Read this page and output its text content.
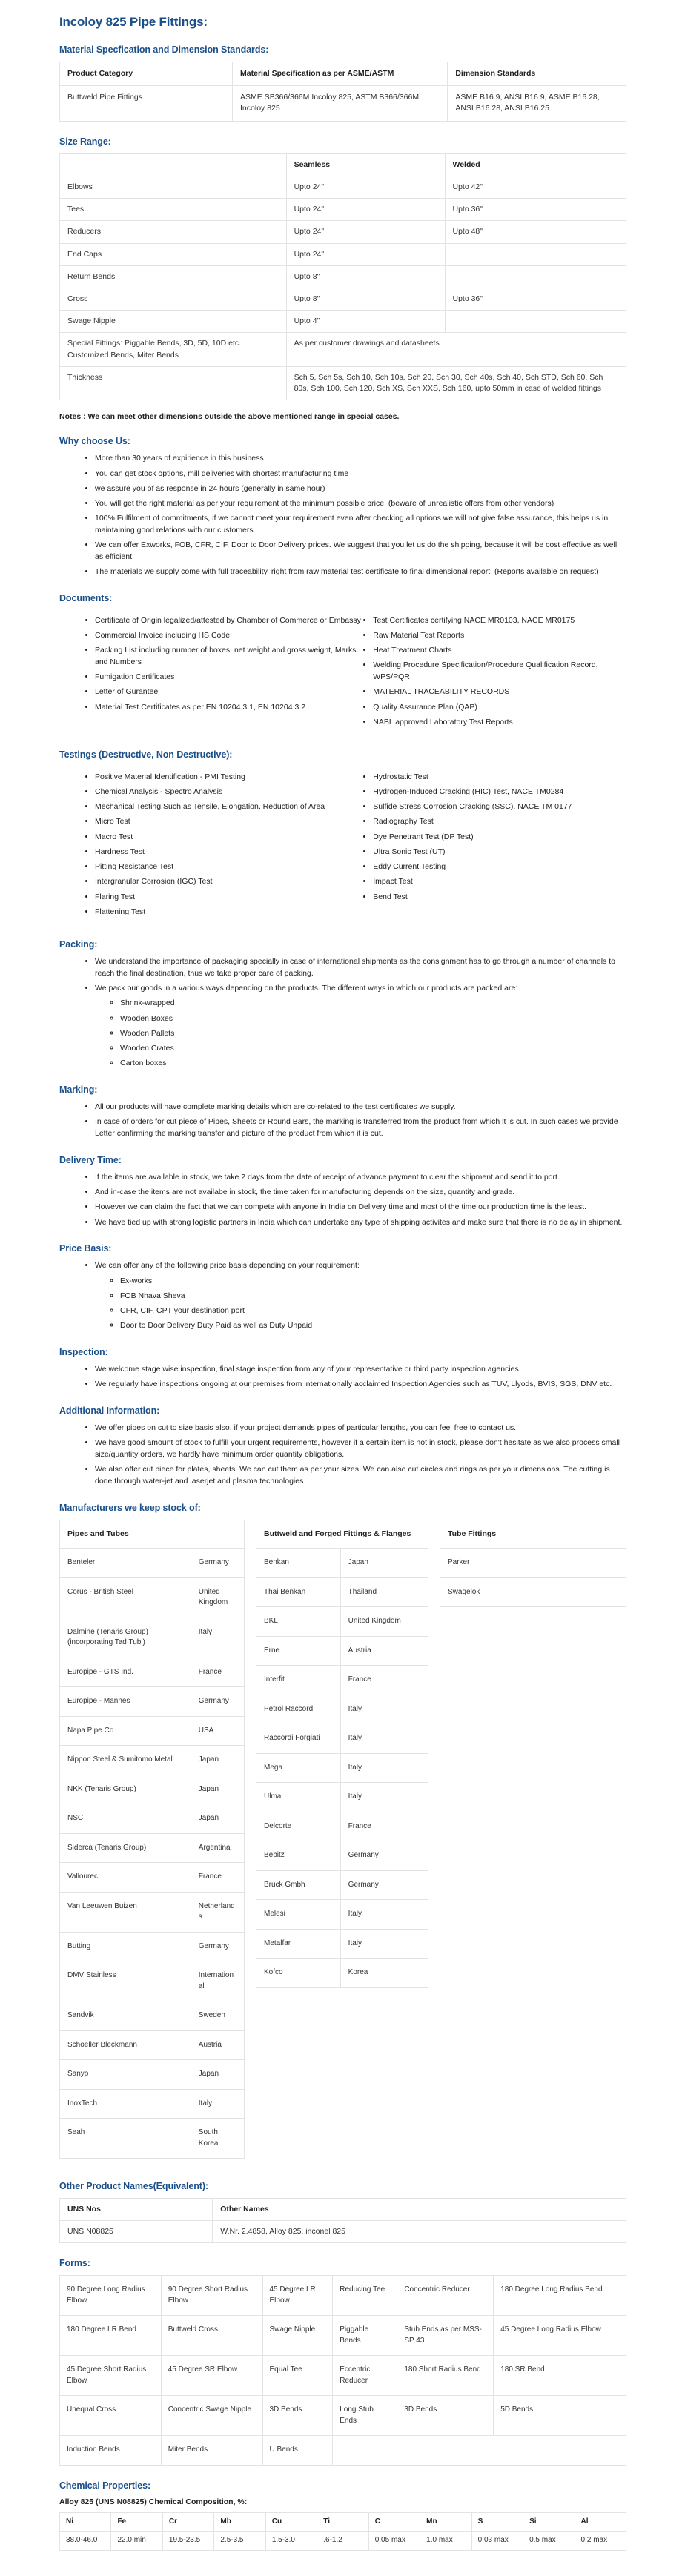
Incoloy 825 Pipe Fittings:
Material Specfication and Dimension Standards:
Product Category	Material Specification as per ASME/ASTM	Dimension Standards
Buttweld Pipe Fittings	ASME SB366/366M Incoloy 825, ASTM B366/366M Incoloy 825	ASME B16.9, ANSI B16.9, ASME B16.28, ANSI B16.28, ANSI B16.25
Size Range:
	Seamless	Welded
Elbows	Upto 24"	Upto 42"
Tees	Upto 24"	Upto 36"
Reducers	Upto 24"	Upto 48"
End Caps	Upto 24"	
Return Bends	Upto 8"	
Cross	Upto 8"	Upto 36"
Swage Nipple	Upto 4"	
Special Fittings: Piggable Bends, 3D, 5D, 10D etc. Customized Bends, Miter Bends	As per customer drawings and datasheets	
Thickness	Sch 5, Sch 5s, Sch 10, Sch 10s, Sch 20, Sch 30, Sch 40s, Sch 40, Sch STD, Sch 60, Sch 80s, Sch 100, Sch 120, Sch XS, Sch XXS, Sch 160, upto 50mm in case of welded fittings	

Notes : We can meet other dimensions outside the above mentioned range in special cases.

Why choose Us:
• More than 30 years of expirience in this business
• You can get stock options, mill deliveries with shortest manufacturing time
• we assure you of as response in 24 hours (generally in same hour)
• You will get the right material as per your requirement at the minimum possible price, (beware of unrealistic offers from other vendors)
• 100% Fulfilment of commitments, if we cannot meet your requirement even after checking all options we will not give false assurance, this helps us in maintaining good relations with our customers
• We can offer Exworks, FOB, CFR, CIF, Door to Door Delivery prices. We suggest that you let us do the shipping, because it will be cost effective as well as efficient
• The materials we supply come with full traceability, right from raw material test certificate to final dimensional report. (Reports available on request)
Documents:
• Certificate of Origin legalized/attested by Chamber of Commerce or Embassy
• Commercial Invoice including HS Code
• Packing List including number of boxes, net weight and gross weight, Marks and Numbers
• Fumigation Certificates
• Letter of Gurantee
• Material Test Certificates as per EN 10204 3.1, EN 10204 3.2
• Test Certificates certifying NACE MR0103, NACE MR0175
• Raw Material Test Reports
• Heat Treatment Charts
• Welding Procedure Specification/Procedure Qualification Record, WPS/PQR
• MATERIAL TRACEABILITY RECORDS
• Quality Assurance Plan (QAP)
• NABL approved Laboratory Test Reports
Testings (Destructive, Non Destructive):
• Positive Material Identification - PMI Testing
• Chemical Analysis - Spectro Analysis
• Mechanical Testing Such as Tensile, Elongation, Reduction of Area
• Micro Test
• Macro Test
• Hardness Test
• Pitting Resistance Test
• Intergranular Corrosion (IGC) Test
• Flaring Test
• Flattening Test
• Hydrostatic Test
• Hydrogen-Induced Cracking (HIC) Test, NACE TM0284
• Sulfide Stress Corrosion Cracking (SSC), NACE TM 0177
• Radiography Test
• Dye Penetrant Test (DP Test)
• Ultra Sonic Test (UT)
• Eddy Current Testing
• Impact Test
• Bend Test
Packing:
• We understand the importance of packaging specially in case of international shipments as the consignment has to go through a number of channels to reach the final destination, thus we take proper care of packing.
• We pack our goods in a various ways depending on the products. The different ways in which our products are packed are:
◦ Shrink-wrapped
◦ Wooden Boxes
◦ Wooden Pallets
◦ Wooden Crates
◦ Carton boxes
Marking:
• All our products will have complete marking details which are co-related to the test certificates we supply.
• In case of orders for cut piece of Pipes, Sheets or Round Bars, the marking is transferred from the product from which it is cut. In such cases we provide Letter confirming the marking transfer and picture of the product from which it is cut.
Delivery Time:
• If the items are available in stock, we take 2 days from the date of receipt of advance payment to clear the shipment and send it to port.
• And in-case the items are not availabe in stock, the time taken for manufacturing depends on the size, quantity and grade.
• However we can claim the fact that we can compete with anyone in India on Delivery time and most of the time our production time is the least.
• We have tied up with strong logistic partners in India which can undertake any type of shipping activites and make sure that there is no delay in shipment.
Price Basis:
• We can offer any of the following price basis depending on your requirement:
◦ Ex-works
◦ FOB Nhava Sheva
◦ CFR, CIF, CPT your destination port
◦ Door to Door Delivery Duty Paid as well as Duty Unpaid
Inspection:
• We welcome stage wise inspection, final stage inspection from any of your representative or third party inspection agencies.
• We regularly have inspections ongoing at our premises from internationally acclaimed Inspection Agencies such as TUV, Llyods, BVIS, SGS, DNV etc.
Additional Information:
• We offer pipes on cut to size basis also, if your project demands pipes of particular lengths, you can feel free to contact us.
• We have good amount of stock to fulfill your urgent requirements, however if a certain item is not in stock, please don't hesitate as we also process small size/quantity orders, we hardly have minimum order quantity obligations.
• We also offer cut piece for plates, sheets. We can cut them as per your sizes. We can also cut circles and rings as per your dimensions. The cutting is done through water-jet and laserjet and plasma technologies.
Manufacturers we keep stock of:
Pipes and Tubes	
Benteler	Germany
Corus - British Steel	United Kingdom
Dalmine (Tenaris Group) (incorporating Tad Tubi)	Italy
Europipe - GTS Ind.	France
Europipe - Mannes	Germany
Napa Pipe Co	USA
Nippon Steel & Sumitomo Metal	Japan
NKK (Tenaris Group)	Japan
NSC	Japan
Siderca (Tenaris Group)	Argentina
Vallourec	France
Van Leeuwen Buizen	Netherlands
Butting	Germany
DMV Stainless	International
Sandvik	Sweden
Schoeller Bleckmann	Austria
Sanyo	Japan
InoxTech	Italy
Seah	South Korea
Buttweld and Forged Fittings & Flanges	
Benkan	Japan
Thai Benkan	Thailand
BKL	United Kingdom
Erne	Austria
Interfit	France
Petrol Raccord	Italy
Raccordi Forgiati	Italy
Mega	Italy
Ulma	Italy
Delcorte	France
Bebitz	Germany
Bruck Gmbh	Germany
Melesi	Italy
Metalfar	Italy
Kofco	Korea
Tube Fittings
Parker
Swagelok
Other Product Names(Equivalent):
UNS Nos	Other Names
UNS N08825	W.Nr. 2.4858, Alloy 825, inconel 825
Forms:
90 Degree Long Radius Elbow	90 Degree Short Radius Elbow	45 Degree LR Elbow	Reducing Tee	Concentric Reducer	180 Degree Long Radius Bend
180 Degree LR Bend	Buttweld Cross	Swage Nipple	Piggable Bends	Stub Ends as per MSS-SP 43	45 Degree Long Radius Elbow
45 Degree Short Radius Elbow	45 Degree SR Elbow	Equal Tee	Eccentric Reducer	180 Short Radius Bend	180 SR Bend
Unequal Cross	Concentric Swage Nipple	3D Bends	Long Stub Ends	3D Bends	5D Bends
Induction Bends	Miter Bends	U Bends			
Chemical Properties:

Alloy 825 (UNS N08825) Chemical Composition, %:

Ni	Fe	Cr	Mb	Cu	Ti	C	Mn	S	Si	Al
38.0-46.0	22.0 min	19.5-23.5	2.5-3.5	1.5-3.0	.6-1.2	0.05 max	1.0 max	0.03 max	0.5 max	0.2 max
